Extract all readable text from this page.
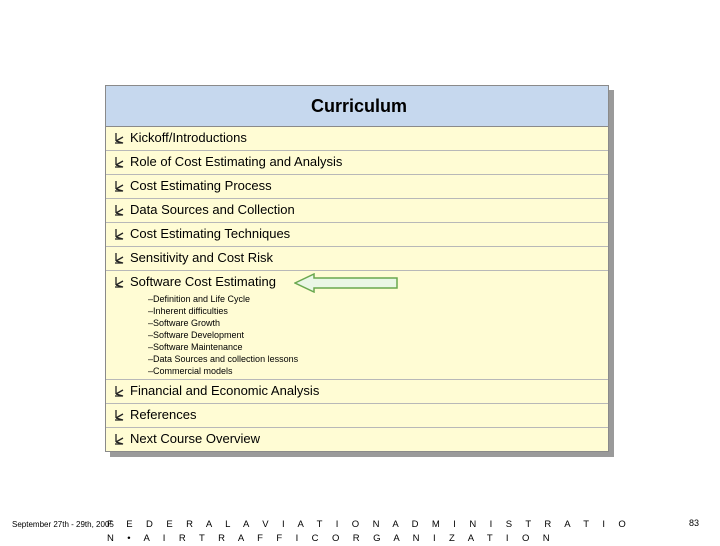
Curriculum
Kickoff/Introductions
Role of Cost Estimating and Analysis
Cost Estimating Process
Data Sources and Collection
Cost Estimating Techniques
Sensitivity and Cost Risk
Software Cost Estimating
–Definition and Life Cycle
–Inherent difficulties
–Software Growth
–Software Development
–Software Maintenance
–Data Sources and collection lessons
–Commercial models
Financial and Economic Analysis
References
Next Course Overview
September 27th - 29th, 2005
F E D E R A L A V I A T I O N A D M I N I S T R A T I O N • A I R T R A F F I C O R G A N I Z A T I O N
83
